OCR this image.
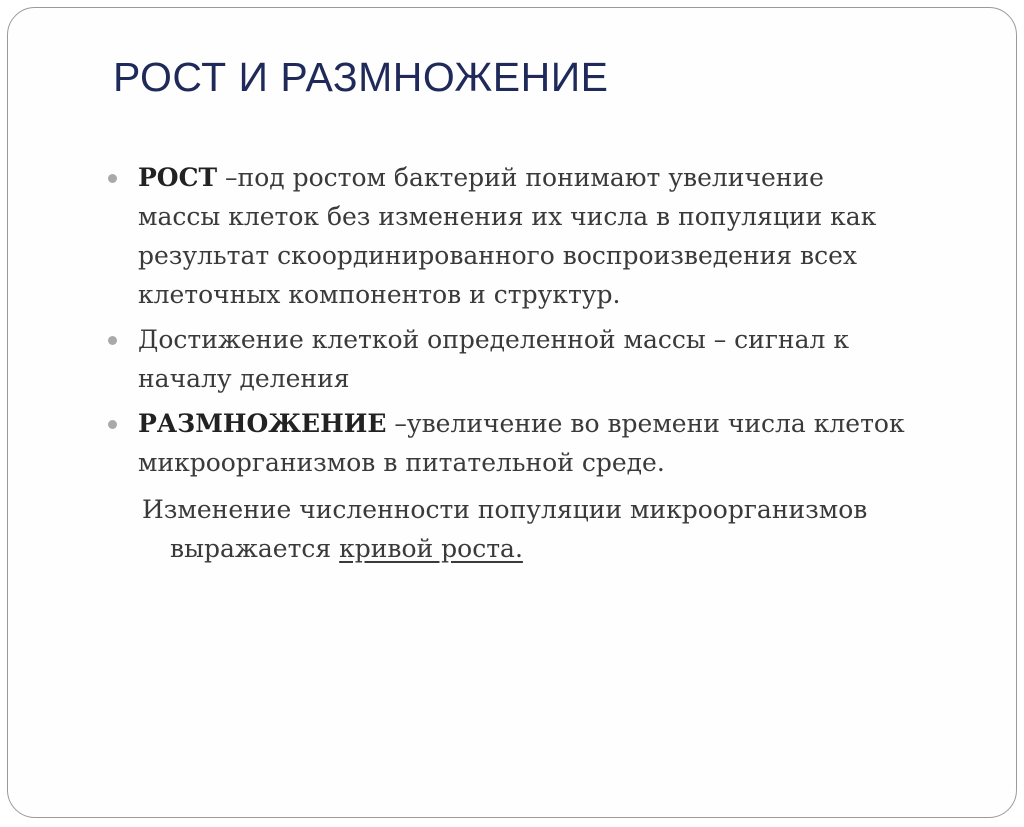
РОСТ И РАЗМНОЖЕНИЕ
РОСТ –под ростом бактерий понимают увеличение
массы клеток без изменения их числа в популяции как
результат скоординированного воспроизведения всех
клеточных компонентов и структур.
Достижение клеткой определенной массы – сигнал к
началу деления
РАЗМНОЖЕНИЕ –увеличение во времени числа клеток
микроорганизмов в питательной среде.
Изменение численности популяции микроорганизмов
выражается кривой роста.
